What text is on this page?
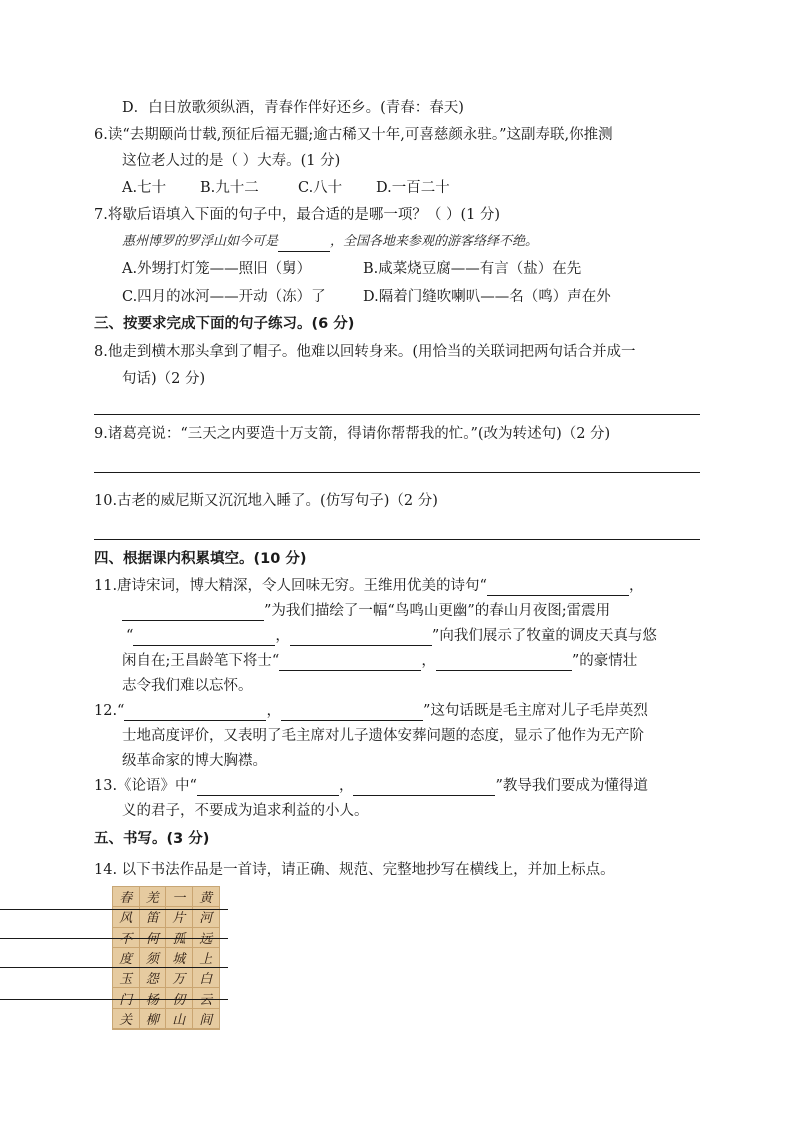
D．白日放歌须纵酒，青春作伴好还乡。(青春：春天)
6.读“去期颐尚廿载,预征后福无疆;逾古稀又十年,可喜慈颜永驻。”这副寿联,你推测
这位老人过的是（ ）大寿。(1 分)
A.七十 B.九十二	C.八十 D.一百二十
7.将歇后语填入下面的句子中，最合适的是哪一项？（ ）(1 分)
惠州博罗的罗浮山如今可是	，全国各地来参观的游客络绎不绝。
A.外甥打灯笼——照旧（舅）	B.咸菜烧豆腐——有言（盐）在先
C.四月的冰河——开动（冻）了	D.隔着门缝吹喇叭——名（鸣）声在外
三、按要求完成下面的句子练习。(6 分)
8.他走到横木那头拿到了帽子。他难以回转身来。(用恰当的关联词把两句话合并成一
句话)（2 分)
9.诸葛亮说：“三天之内要造十万支箭，得请你帮帮我的忙。”(改为转述句)（2 分)
10.古老的威尼斯又沉沉地入睡了。(仿写句子)（2 分)
四、根据课内积累填空。(10 分)
11.唐诗宋词，博大精深，令人回味无穷。王维用优美的诗句“	，
”为我们描绘了一幅“鸟鸣山更幽”的春山月夜图;雷震用
“	，	”向我们展示了牧童的调皮天真与悠
闲自在;王昌龄笔下将士“	，	”的豪情壮
志令我们难以忘怀。
12.“	，	”这句话既是毛主席对儿子毛岸英烈
士地高度评价，又表明了毛主席对儿子遗体安葬问题的态度，显示了他作为无产阶
级革命家的博大胸襟。
13.《论语》中“	，	”教导我们要成为懂得道
义的君子，不要成为追求利益的小人。
五、书写。(3 分)
14. 以下书法作品是一首诗，请正确、规范、完整地抄写在横线上，并加上标点。
春	羌	一	黄
风	笛	片	河
不	何	孤	远
度	须	城	上
玉	怨	万	白
门	杨	仞	云
关	柳	山	间
